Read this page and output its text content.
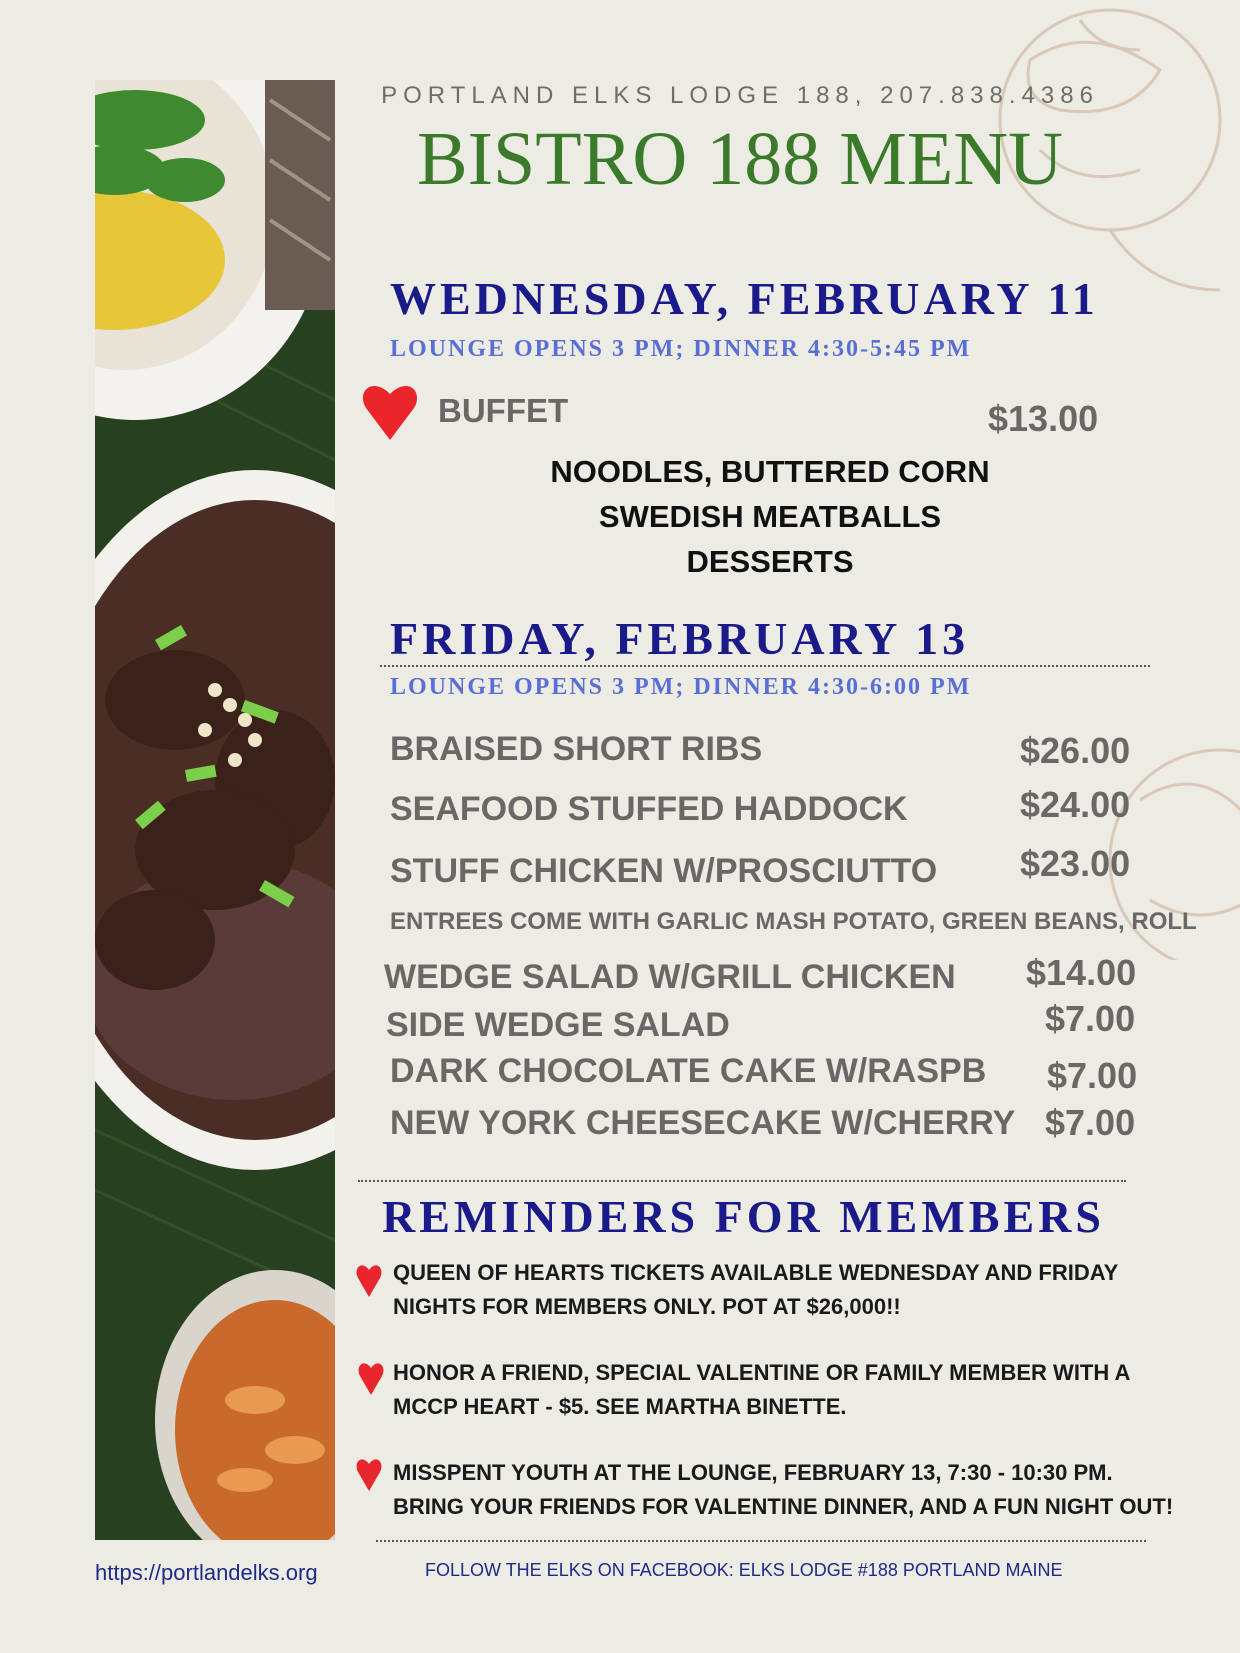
PORTLAND ELKS LODGE 188, 207.838.4386
BISTRO 188 MENU
WEDNESDAY, FEBRUARY 11
LOUNGE OPENS 3 PM; DINNER 4:30-5:45 PM
BUFFET	$13.00
NOODLES, BUTTERED CORN
SWEDISH MEATBALLS
DESSERTS
FRIDAY, FEBRUARY 13
LOUNGE OPENS 3 PM; DINNER 4:30-6:00 PM
BRAISED SHORT RIBS	$26.00
SEAFOOD STUFFED HADDOCK	$24.00
STUFF CHICKEN W/PROSCIUTTO $23.00
ENTREES COME WITH GARLIC MASH POTATO, GREEN BEANS, ROLL
WEDGE SALAD W/GRILL CHICKEN $14.00
SIDE WEDGE SALAD	$7.00
DARK CHOCOLATE CAKE W/RASPB $7.00
NEW YORK CHEESECAKE W/CHERRY $7.00
REMINDERS FOR MEMBERS
QUEEN OF HEARTS TICKETS AVAILABLE WEDNESDAY AND FRIDAY
NIGHTS FOR MEMBERS ONLY. POT AT $26,000!!
HONOR A FRIEND, SPECIAL VALENTINE OR FAMILY MEMBER WITH A
MCCP HEART - $5. SEE MARTHA BINETTE.
MISSPENT YOUTH AT THE LOUNGE, FEBRUARY 13, 7:30 - 10:30 PM.
BRING YOUR FRIENDS FOR VALENTINE DINNER, AND A FUN NIGHT OUT!
https://portlandelks.org	FOLLOW THE ELKS ON FACEBOOK: ELKS LODGE #188 PORTLAND MAINE
